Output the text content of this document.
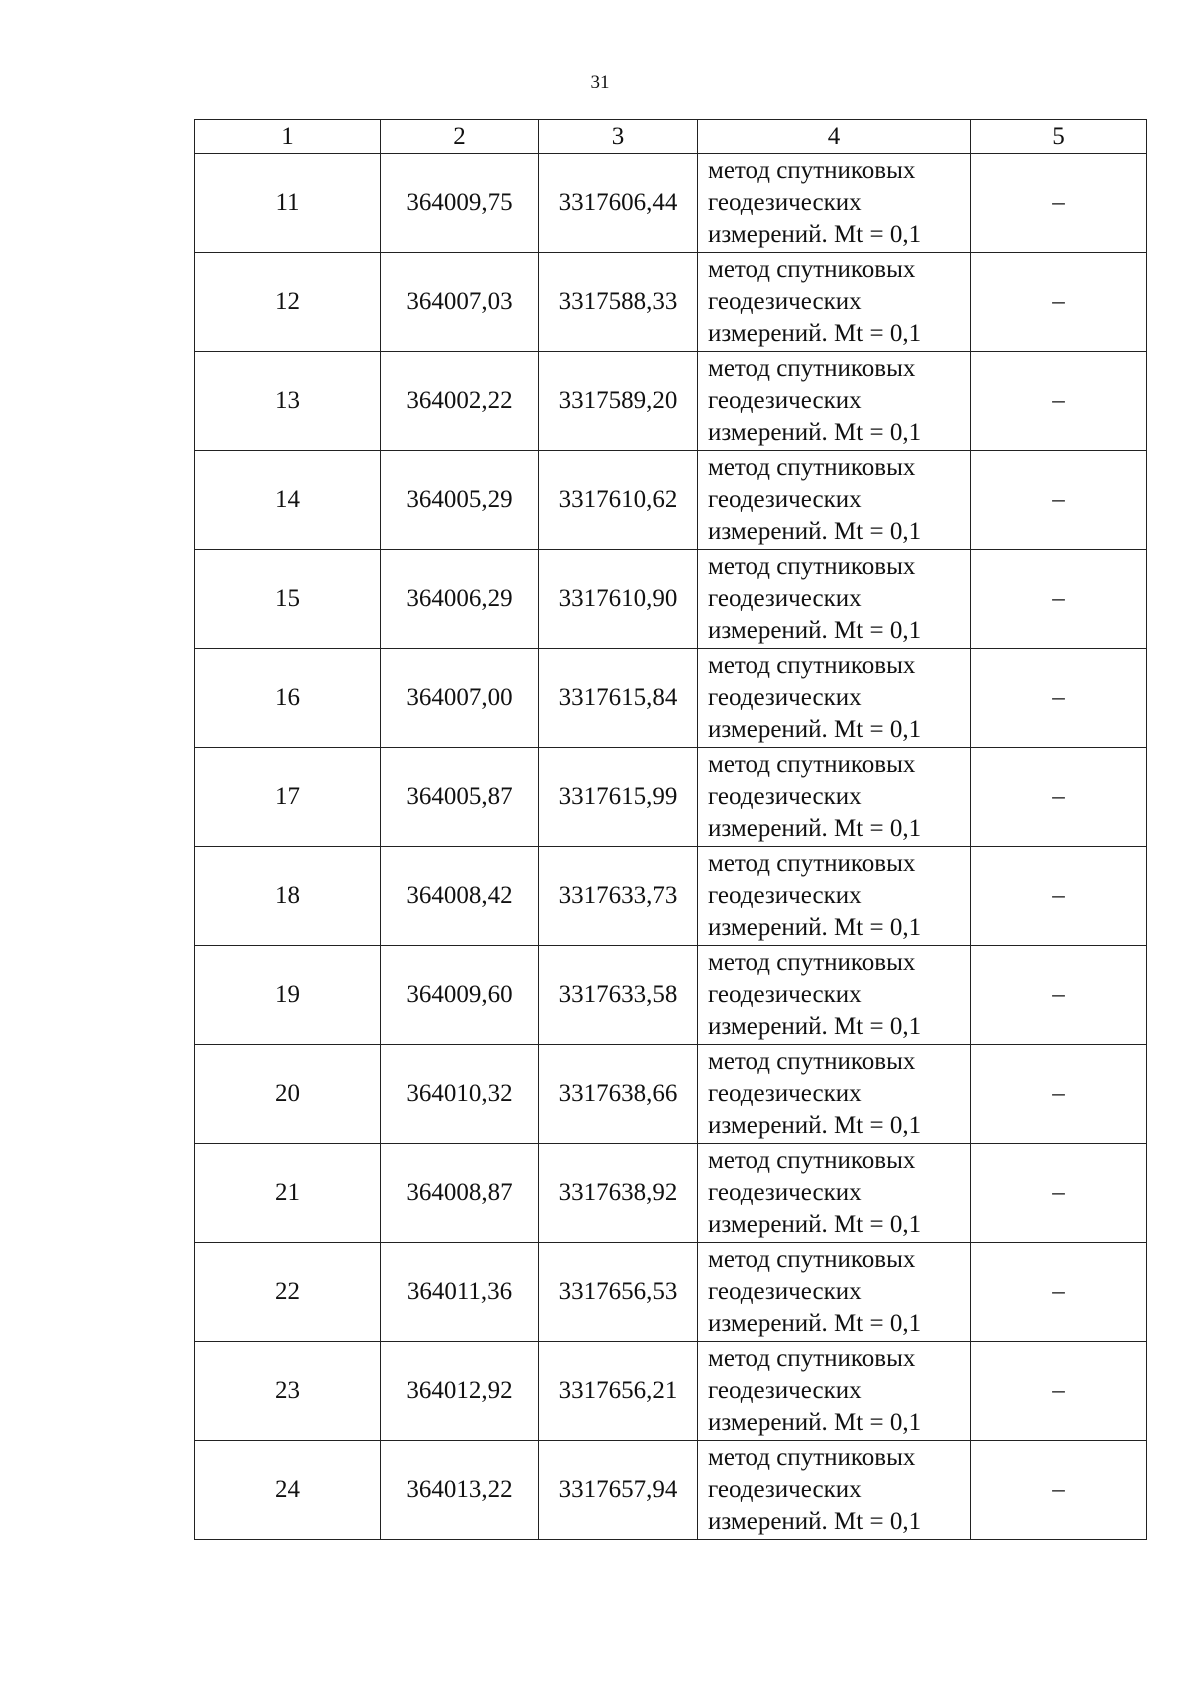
31
1	2	3	4	5
11	364009,75	3317606,44	метод спутниковых
геодезических
измерений. Mt = 0,1	–
12	364007,03	3317588,33	метод спутниковых
геодезических
измерений. Mt = 0,1	–
13	364002,22	3317589,20	метод спутниковых
геодезических
измерений. Mt = 0,1	–
14	364005,29	3317610,62	метод спутниковых
геодезических
измерений. Mt = 0,1	–
15	364006,29	3317610,90	метод спутниковых
геодезических
измерений. Mt = 0,1	–
16	364007,00	3317615,84	метод спутниковых
геодезических
измерений. Mt = 0,1	–
17	364005,87	3317615,99	метод спутниковых
геодезических
измерений. Mt = 0,1	–
18	364008,42	3317633,73	метод спутниковых
геодезических
измерений. Mt = 0,1	–
19	364009,60	3317633,58	метод спутниковых
геодезических
измерений. Mt = 0,1	–
20	364010,32	3317638,66	метод спутниковых
геодезических
измерений. Mt = 0,1	–
21	364008,87	3317638,92	метод спутниковых
геодезических
измерений. Mt = 0,1	–
22	364011,36	3317656,53	метод спутниковых
геодезических
измерений. Mt = 0,1	–
23	364012,92	3317656,21	метод спутниковых
геодезических
измерений. Mt = 0,1	–
24	364013,22	3317657,94	метод спутниковых
геодезических
измерений. Mt = 0,1	–
